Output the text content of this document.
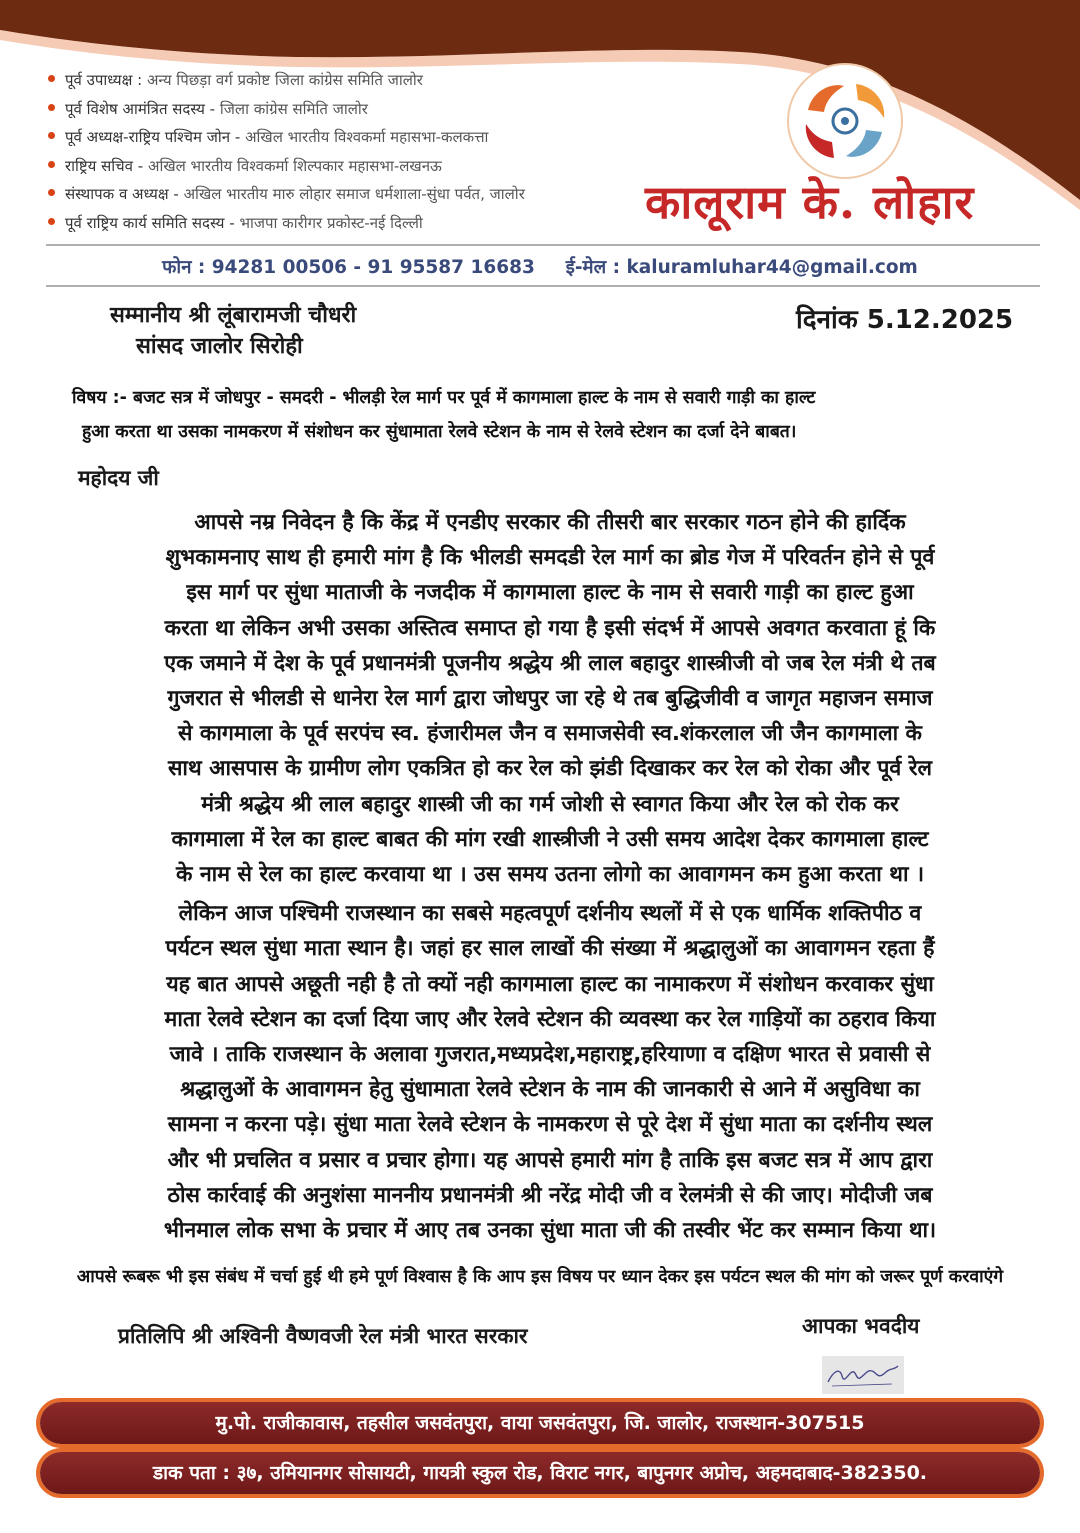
पूर्व उपाध्यक्ष : अन्य पिछड़ा वर्ग प्रकोष्ट जिला कांग्रेस समिति जालोर
पूर्व विशेष आमंत्रित सदस्य - जिला कांग्रेस समिति जालोर
पूर्व अध्यक्ष-राष्ट्रिय पश्चिम जोन - अखिल भारतीय विश्वकर्मा महासभा-कलकत्ता
राष्ट्रिय सचिव - अखिल भारतीय विश्वकर्मा शिल्पकार महासभा-लखनऊ
संस्थापक व अध्यक्ष - अखिल भारतीय मारु लोहार समाज धर्मशाला-सुंधा पर्वत, जालोर
पूर्व राष्ट्रिय कार्य समिति सदस्य - भाजपा कारीगर प्रकोस्ट-नई दिल्ली	कालूराम के. लोहार
फोन : 94281 00506 - 91 95587 16683 ई-मेल : kaluramluhar44@gmail.com
सम्मानीय श्री लूंबारामजी चौधरी
सांसद जालोर सिरोही
दिनांक 5.12.2025
विषय :- बजट सत्र में जोधपुर - समदरी - भीलड़ी रेल मार्ग पर पूर्व में कागमाला हाल्ट के नाम से सवारी गाड़ी का हाल्ट
हुआ करता था उसका नामकरण में संशोधन कर सुंधामाता रेलवे स्टेशन के नाम से रेलवे स्टेशन का दर्जा देने बाबत।
महोदय जी
आपसे नम्र निवेदन है कि केंद्र में एनडीए सरकार की तीसरी बार सरकार गठन होने की हार्दिक
शुभकामनाए साथ ही हमारी मांग है कि भीलडी समदडी रेल मार्ग का ब्रोड गेज में परिवर्तन होने से पूर्व
इस मार्ग पर सुंधा माताजी के नजदीक में कागमाला हाल्ट के नाम से सवारी गाड़ी का हाल्ट हुआ
करता था लेकिन अभी उसका अस्तित्व समाप्त हो गया है इसी संदर्भ में आपसे अवगत करवाता हूं कि
एक जमाने में देश के पूर्व प्रधानमंत्री पूजनीय श्रद्धेय श्री लाल बहादुर शास्त्रीजी वो जब रेल मंत्री थे तब
गुजरात से भीलडी से धानेरा रेल मार्ग द्वारा जोधपुर जा रहे थे तब बुद्धिजीवी व जागृत महाजन समाज
से कागमाला के पूर्व सरपंच स्व. हंजारीमल जैन व समाजसेवी स्व.शंकरलाल जी जैन कागमाला के
साथ आसपास के ग्रामीण लोग एकत्रित हो कर रेल को झंडी दिखाकर कर रेल को रोका और पूर्व रेल
मंत्री श्रद्धेय श्री लाल बहादुर शास्त्री जी का गर्म जोशी से स्वागत किया और रेल को रोक कर
कागमाला में रेल का हाल्ट बाबत की मांग रखी शास्त्रीजी ने उसी समय आदेश देकर कागमाला हाल्ट
के नाम से रेल का हाल्ट करवाया था । उस समय उतना लोगो का आवागमन कम हुआ करता था ।
लेकिन आज पश्चिमी राजस्थान का सबसे महत्वपूर्ण दर्शनीय स्थलों में से एक धार्मिक शक्तिपीठ व
पर्यटन स्थल सुंधा माता स्थान है। जहां हर साल लाखों की संख्या में श्रद्धालुओं का आवागमन रहता हैं
यह बात आपसे अछूती नही है तो क्यों नही कागमाला हाल्ट का नामाकरण में संशोधन करवाकर सुंधा
माता रेलवे स्टेशन का दर्जा दिया जाए और रेलवे स्टेशन की व्यवस्था कर रेल गाड़ियों का ठहराव किया
जावे । ताकि राजस्थान के अलावा गुजरात,मध्यप्रदेश,महाराष्ट्र,हरियाणा व दक्षिण भारत से प्रवासी से
श्रद्धालुओं के आवागमन हेतु सुंधामाता रेलवे स्टेशन के नाम की जानकारी से आने में असुविधा का
सामना न करना पड़े। सुंधा माता रेलवे स्टेशन के नामकरण से पूरे देश में सुंधा माता का दर्शनीय स्थल
और भी प्रचलित व प्रसार व प्रचार होगा। यह आपसे हमारी मांग है ताकि इस बजट सत्र में आप द्वारा
ठोस कार्रवाई की अनुशंसा माननीय प्रधानमंत्री श्री नरेंद्र मोदी जी व रेलमंत्री से की जाए। मोदीजी जब
भीनमाल लोक सभा के प्रचार में आए तब उनका सुंधा माता जी की तस्वीर भेंट कर सम्मान किया था।
आपसे रूबरू भी इस संबंध में चर्चा हुई थी हमे पूर्ण विश्वास है कि आप इस विषय पर ध्यान देकर इस पर्यटन स्थल की मांग को जरूर पूर्ण करवाएंगे
प्रतिलिपि श्री अश्विनी वैष्णवजी रेल मंत्री भारत सरकार	आपका भवदीय
मु.पो. राजीकावास, तहसील जसवंतपुरा, वाया जसवंतपुरा, जि. जालोर, राजस्थान-307515
डाक पता : ३७, उमियानगर सोसायटी, गायत्री स्कुल रोड, विराट नगर, बापुनगर अप्रोच, अहमदाबाद-382350.
